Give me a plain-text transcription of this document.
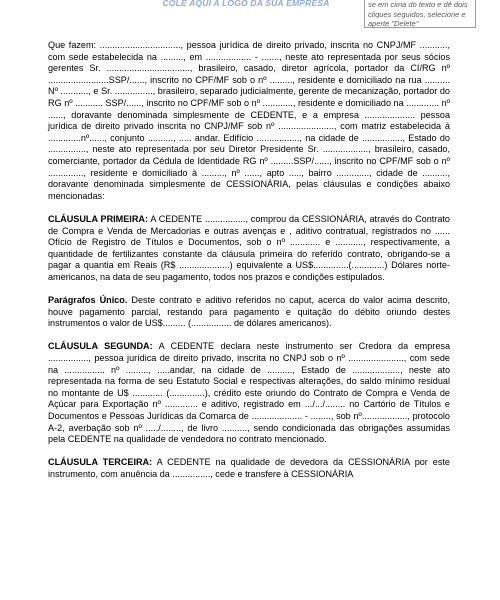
COLE AQUI A LOGO DA SUA EMPRESA	se em cima do texto e dê dois cliques seguidos, selecione e aperte "Delete"

Que fazem: ................................, pessoa jurídica de direito privado, inscrita no CNPJ/MF ..........., com sede estabelecida na ........., em .................. - ......., neste ato representada por seus sócios gerentes Sr. ................................., brasileiro, casado, diretor agrícola, portador da CI/RG nº ........................SSP/......, inscrito no CPF/MF sob o nº ........., residente e domiciliado na rua .......... Nº ..........., e Sr. ..............., brasileiro, separado judicialmente, gerente de mecanização, portador do RG nº ........... SSP/......, inscrito no CPF/MF sob o nº ............, residente e domiciliado na ............. nº ......, doravante denominada simplesmente de CEDENTE, e a empresa .................... pessoa jurídica de direito privado inscrita no CNPJ/MF sob nº ......................, com matriz estabelecida à .............nº......, conjunto .........., ..... andar. Edifício ................., na cidade de ................, Estado do ..............., neste ato representada por seu Diretor Presidente Sr. .................., brasileiro, casado, comerciante, portador da Cédula de Identidade RG nº .........SSP/......, inscrito no CPF/MF sob o nº .............., residente e domiciliado à ........., nº ......, apto ....., bairro ............., cidade de .........., doravante denominada simplesmente de CESSIONÁRIA, pelas cláusulas e condições abaixo mencionadas:

CLÁUSULA PRIMEIRA: A CEDENTE ................, comprou da CESSIONÁRIA, através do Contrato de Compra e Venda de Mercadorias e outras avenças e , aditivo contratual, registrados no ...... Ofício de Registro de Títulos e Documentos, sob o nº ............ e ..........., respectivamente, a quantidade de fertilizantes constante da cláusula primeira do referido contrato, obrigando-se a pagar a quantia em Reais (R$ ....................) equivalente a US$..............(.............) Dólares norte-americanos, na data de seu pagamento, todos nos prazos e condições estipulados.

Parágrafos Único. Deste contrato e aditivo referidos no caput, acerca do valor acima descrito, houve pagamento parcial, restando para pagamento e quitação do débito oriundo destes instrumentos o valor de US$......... (................ de dólares americanos).

CLÁUSULA SEGUNDA: A CEDENTE declara neste instrumento ser Credora da empresa ................, pessoa jurídica de direito privado, inscrita no CNPJ sob o nº ......................, com sede na ................ nº ........., .....andar, na cidade de .........., Estado de ..................., neste ato representada na forma de seu Estatuto Social e respectivas alterações, do saldo mínimo residual no montante de U$ ............ (..............), crédito este oriundo do Contrato de Compra e Venda de Açúcar para Exportação nº ............. e aditivo, registrado em .../.../........ no Cartório de Títulos e Documentos e Pessoas Jurídicas da Comarca de .................... - ........, sob nº.................., protocolo A-2, averbação sob nº ...../........, de livro .........., sendo condicionada das obrigações assumidas pela CEDENTE na qualidade de vendedora no contrato mencionado.

CLÁUSULA TERCEIRA: A CEDENTE na qualidade de devedora da CESSIONÁRIA por este instrumento, com anuência da ..............., cede e transfere à CESSIONÁRIA
